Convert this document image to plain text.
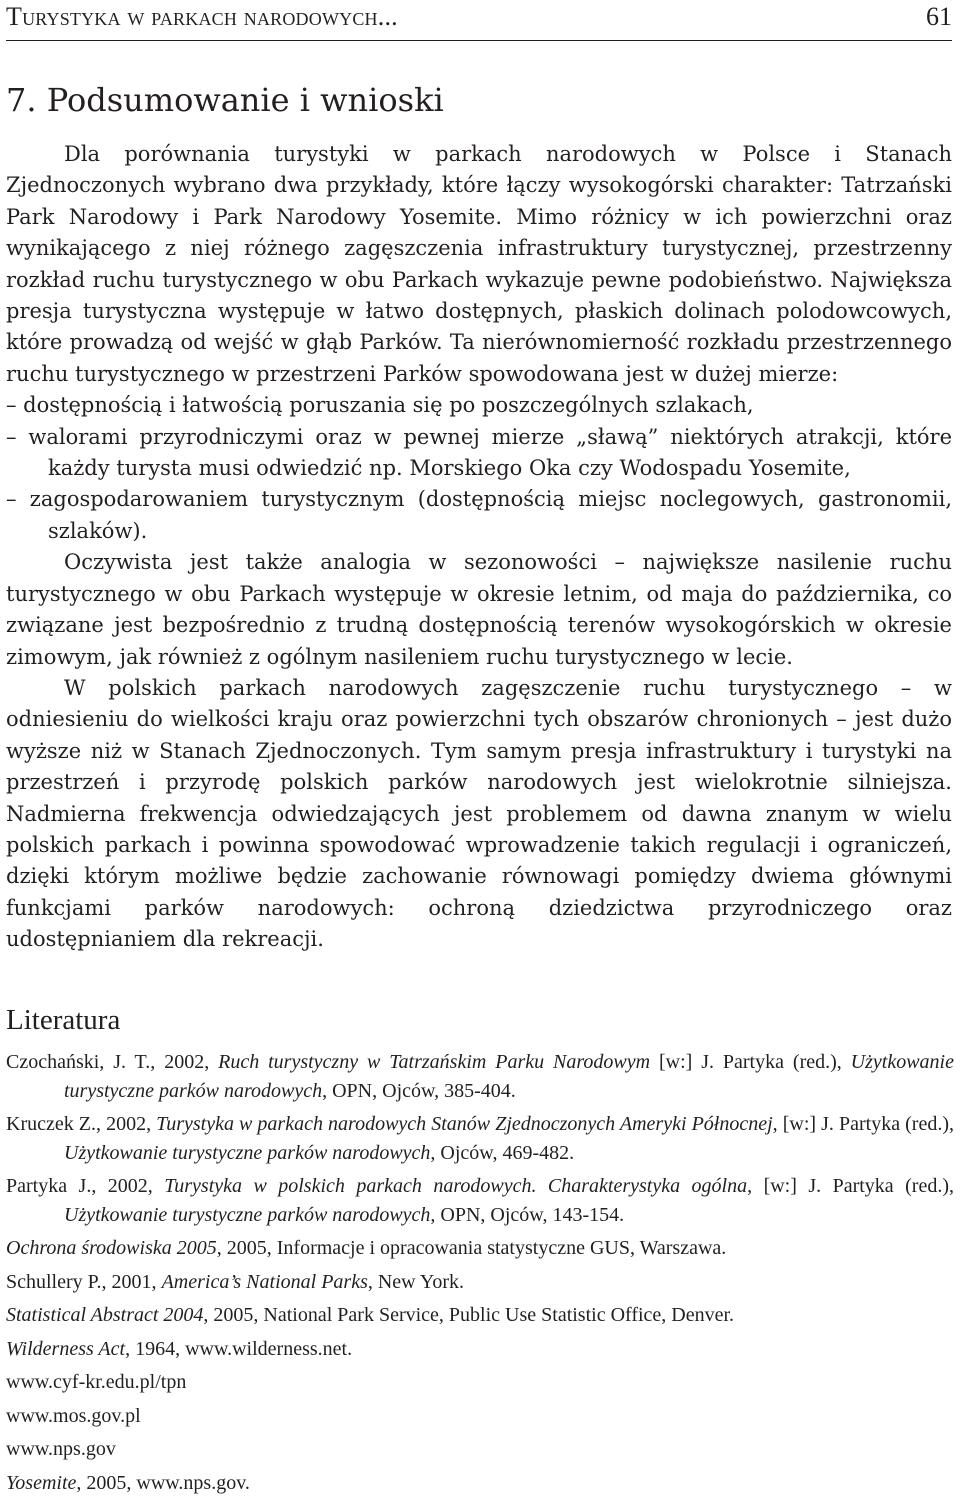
Turystyka w parkach narodowych...	61
7. Podsumowanie i wnioski

Dla porównania turystyki w parkach narodowych w Polsce i Stanach Zjednoczonych wybrano dwa przykłady, które łączy wysokogórski charakter: Tatrzański Park Narodowy i Park Narodowy Yosemite. Mimo różnicy w ich powierzchni oraz wynikającego z niej różnego zagęszczenia infrastruktury turystycznej, przestrzenny rozkład ruchu turystycznego w obu Parkach wykazuje pewne podobieństwo. Największa presja turystyczna występuje w łatwo dostępnych, płaskich dolinach polodowcowych, które prowadzą od wejść w głąb Parków. Ta nierównomierność rozkładu przestrzennego ruchu turystycznego w przestrzeni Parków spowodowana jest w dużej mierze:

– dostępnością i łatwością poruszania się po poszczególnych szlakach,
– walorami przyrodniczymi oraz w pewnej mierze „sławą” niektórych atrakcji, które każdy turysta musi odwiedzić np. Morskiego Oka czy Wodospadu Yosemite,
– zagospodarowaniem turystycznym (dostępnością miejsc noclegowych, gastronomii, szlaków).

Oczywista jest także analogia w sezonowości – największe nasilenie ruchu turystycznego w obu Parkach występuje w okresie letnim, od maja do października, co związane jest bezpośrednio z trudną dostępnością terenów wysokogórskich w okresie zimowym, jak również z ogólnym nasileniem ruchu turystycznego w lecie.

W polskich parkach narodowych zagęszczenie ruchu turystycznego – w odniesieniu do wielkości kraju oraz powierzchni tych obszarów chronionych – jest dużo wyższe niż w Stanach Zjednoczonych. Tym samym presja infrastruktury i turystyki na przestrzeń i przyrodę polskich parków narodowych jest wielokrotnie silniejsza. Nadmierna frekwencja odwiedzających jest problemem od dawna znanym w wielu polskich parkach i powinna spowodować wprowadzenie takich regulacji i ograniczeń, dzięki którym możliwe będzie zachowanie równowagi pomiędzy dwiema głównymi funkcjami parków narodowych: ochroną dziedzictwa przyrodniczego oraz udostępnianiem dla rekreacji.

Literatura
Czochański, J. T., 2002, Ruch turystyczny w Tatrzańskim Parku Narodowym [w:] J. Partyka (red.), Użytkowanie turystyczne parków narodowych, OPN, Ojców, 385-404.
Kruczek Z., 2002, Turystyka w parkach narodowych Stanów Zjednoczonych Ameryki Północnej, [w:] J. Partyka (red.), Użytkowanie turystyczne parków narodowych, Ojców, 469-482.
Partyka J., 2002, Turystyka w polskich parkach narodowych. Charakterystyka ogólna, [w:] J. Partyka (red.), Użytkowanie turystyczne parków narodowych, OPN, Ojców, 143-154.
Ochrona środowiska 2005, 2005, Informacje i opracowania statystyczne GUS, Warszawa.
Schullery P., 2001, America’s National Parks, New York.
Statistical Abstract 2004, 2005, National Park Service, Public Use Statistic Office, Denver.
Wilderness Act, 1964, www.wilderness.net.
www.cyf-kr.edu.pl/tpn
www.mos.gov.pl
www.nps.gov
Yosemite, 2005, www.nps.gov.
